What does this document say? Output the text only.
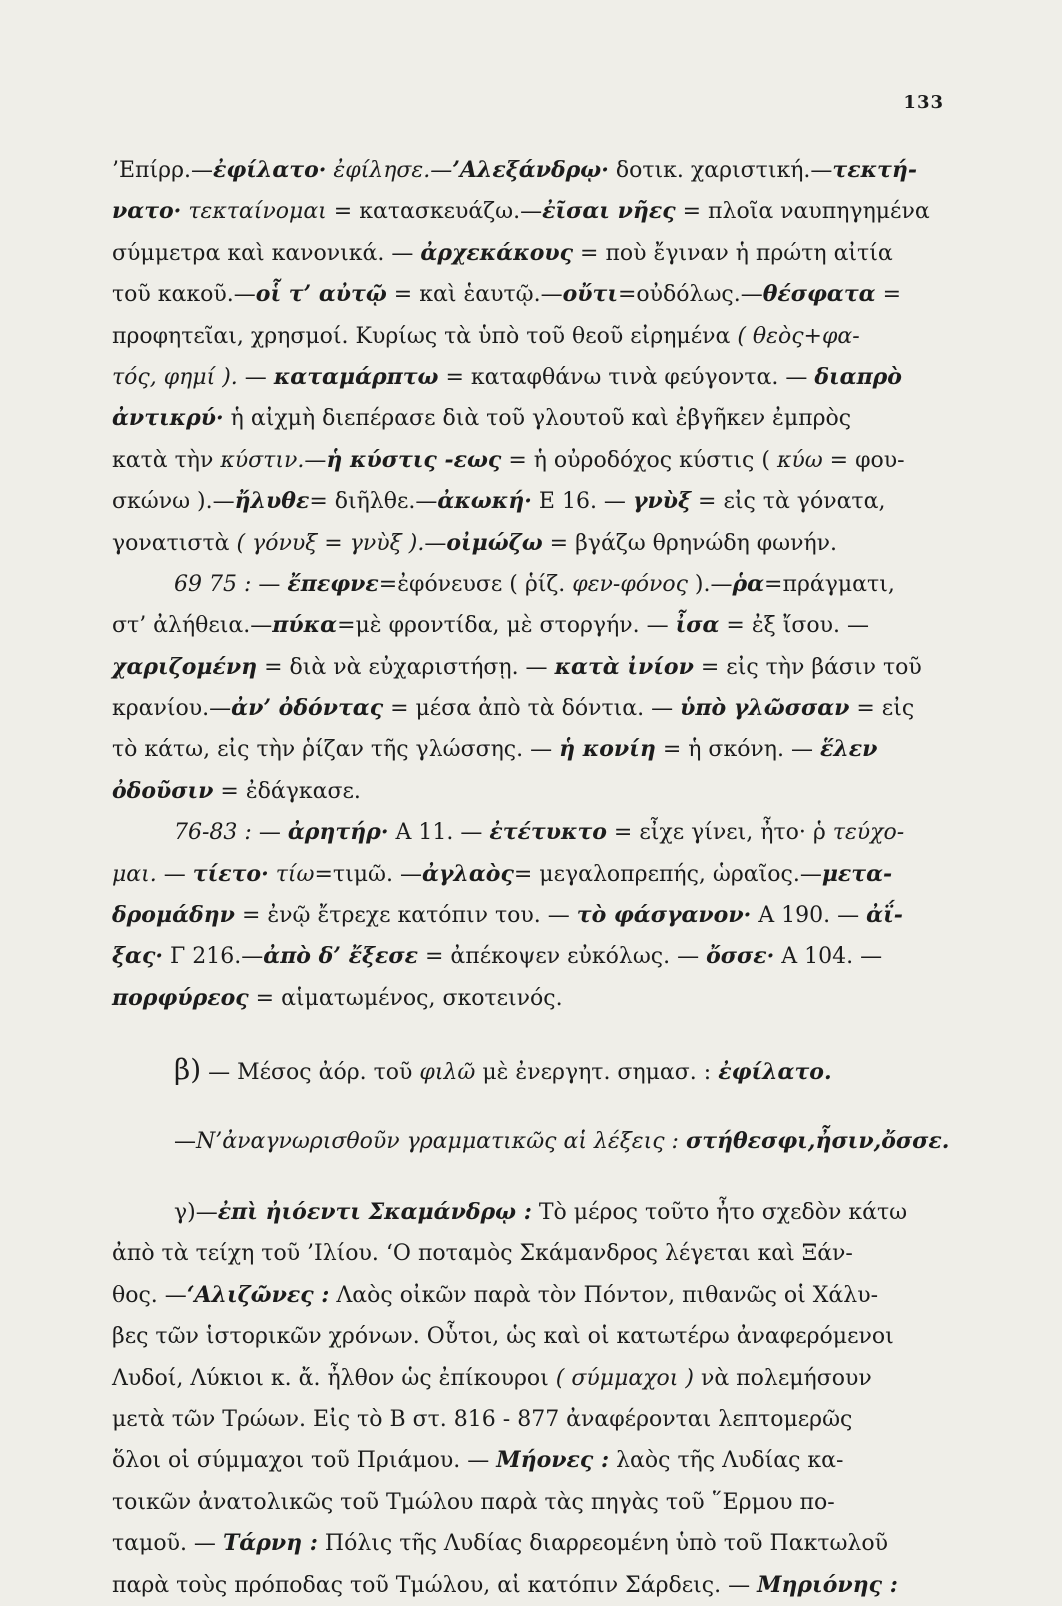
133
’Επίρρ.—ἐφίλατο· ἐφίλησε.—’Αλεξάνδρῳ· δοτικ. χαριστική.—τεκτή-
νατο· τεκταίνομαι = κατασκευάζω.—ἐῖσαι νῆες = πλοῖα ναυπηγημένα
σύμμετρα καὶ κανονικά. — ἀρχεκάκους = ποὺ ἔγιναν ἡ πρώτη αἰτία
τοῦ κακοῦ.—οἷ τ’ αὐτῷ = καὶ ἑαυτῷ.—οὔτι=οὐδόλως.—θέσφατα =
προφητεῖαι, χρησμοί. Κυρίως τὰ ὑπὸ τοῦ θεοῦ εἰρημένα ( θεὸς+φα-
τός, φημί ). — καταμάρπτω = καταφθάνω τινὰ φεύγοντα. — διαπρὸ
ἀντικρύ· ἡ αἰχμὴ διεπέρασε διὰ τοῦ γλουτοῦ καὶ ἐβγῆκεν ἐμπρὸς
κατὰ τὴν κύστιν.—ἡ κύστις -εως = ἡ οὐροδόχος κύστις ( κύω = φου-
σκώνω ).—ἤλυθε= διῆλθε.—ἀκωκή· Ε 16. — γνὺξ = εἰς τὰ γόνατα,
γονατιστὰ ( γόνυξ = γνὺξ ).—οἰμώζω = βγάζω θρηνώδη φωνήν.
69 75 : — ἔπεφνε=ἐφόνευσε ( ῥίζ. φεν-φόνος ).—ῥα=πράγματι,
στ’ ἀλήθεια.—πύκα=μὲ φροντίδα, μὲ στοργήν. — ἶσα = ἐξ ἴσου. —
χαριζομένη = διὰ νὰ εὐχαριστήσῃ. — κατὰ ἰνίον = εἰς τὴν βάσιν τοῦ
κρανίου.—ἀν’ ὀδόντας = μέσα ἀπὸ τὰ δόντια. — ὑπὸ γλῶσσαν = εἰς
τὸ κάτω, εἰς τὴν ῥίζαν τῆς γλώσσης. — ἡ κονίη = ἡ σκόνη. — ἕλεν
ὀδοῦσιν = ἐδάγκασε.
76-83 : — ἀρητήρ· Α 11. — ἐτέτυκτο = εἶχε γίνει, ἦτο· ῥ τεύχο-
μαι. — τίετο· τίω=τιμῶ. —ἀγλαὸς= μεγαλοπρεπής, ὡραῖος.—μετα-
δρομάδην = ἐνῷ ἔτρεχε κατόπιν του. — τὸ φάσγανον· Α 190. — ἀΐ-
ξας· Γ 216.—ἀπὸ δ’ ἔξεσε = ἀπέκοψεν εὐκόλως. — ὄσσε· Α 104. —
πορφύρεος = αἱματωμένος, σκοτεινός.
β) — Μέσος ἀόρ. τοῦ φιλῶ μὲ ἐνεργητ. σημασ. : ἐφίλατο.
—Ν’ἀναγνωρισθοῦν γραμματικῶς αἱ λέξεις : στήθεσφι,ἦσιν,ὄσσε.
γ)—ἐπὶ ἠιόεντι Σκαμάνδρῳ : Τὸ μέρος τοῦτο ἦτο σχεδὸν κάτω
ἀπὸ τὰ τείχη τοῦ ’Ιλίου. ‘Ο ποταμὸς Σκάμανδρος λέγεται καὶ Ξάν-
θος. —‘Αλιζῶνες : Λαὸς οἰκῶν παρὰ τὸν Πόντον, πιθανῶς οἱ Χάλυ-
βες τῶν ἱστορικῶν χρόνων. Οὗτοι, ὡς καὶ οἱ κατωτέρω ἀναφερόμενοι
Λυδοί, Λύκιοι κ. ἄ. ἦλθον ὡς ἐπίκουροι ( σύμμαχοι ) νὰ πολεμήσουν
μετὰ τῶν Τρώων. Εἰς τὸ Β στ. 816 - 877 ἀναφέρονται λεπτομερῶς
ὅλοι οἱ σύμμαχοι τοῦ Πριάμου. — Μήονες : λαὸς τῆς Λυδίας κα-
τοικῶν ἀνατολικῶς τοῦ Τμώλου παρὰ τὰς πηγὰς τοῦ ῞Ερμου πο-
ταμοῦ. — Τάρνη : Πόλις τῆς Λυδίας διαρρεομένη ὑπὸ τοῦ Πακτωλοῦ
παρὰ τοὺς πρόποδας τοῦ Τμώλου, αἱ κατόπιν Σάρδεις. — Μηριόνης :
